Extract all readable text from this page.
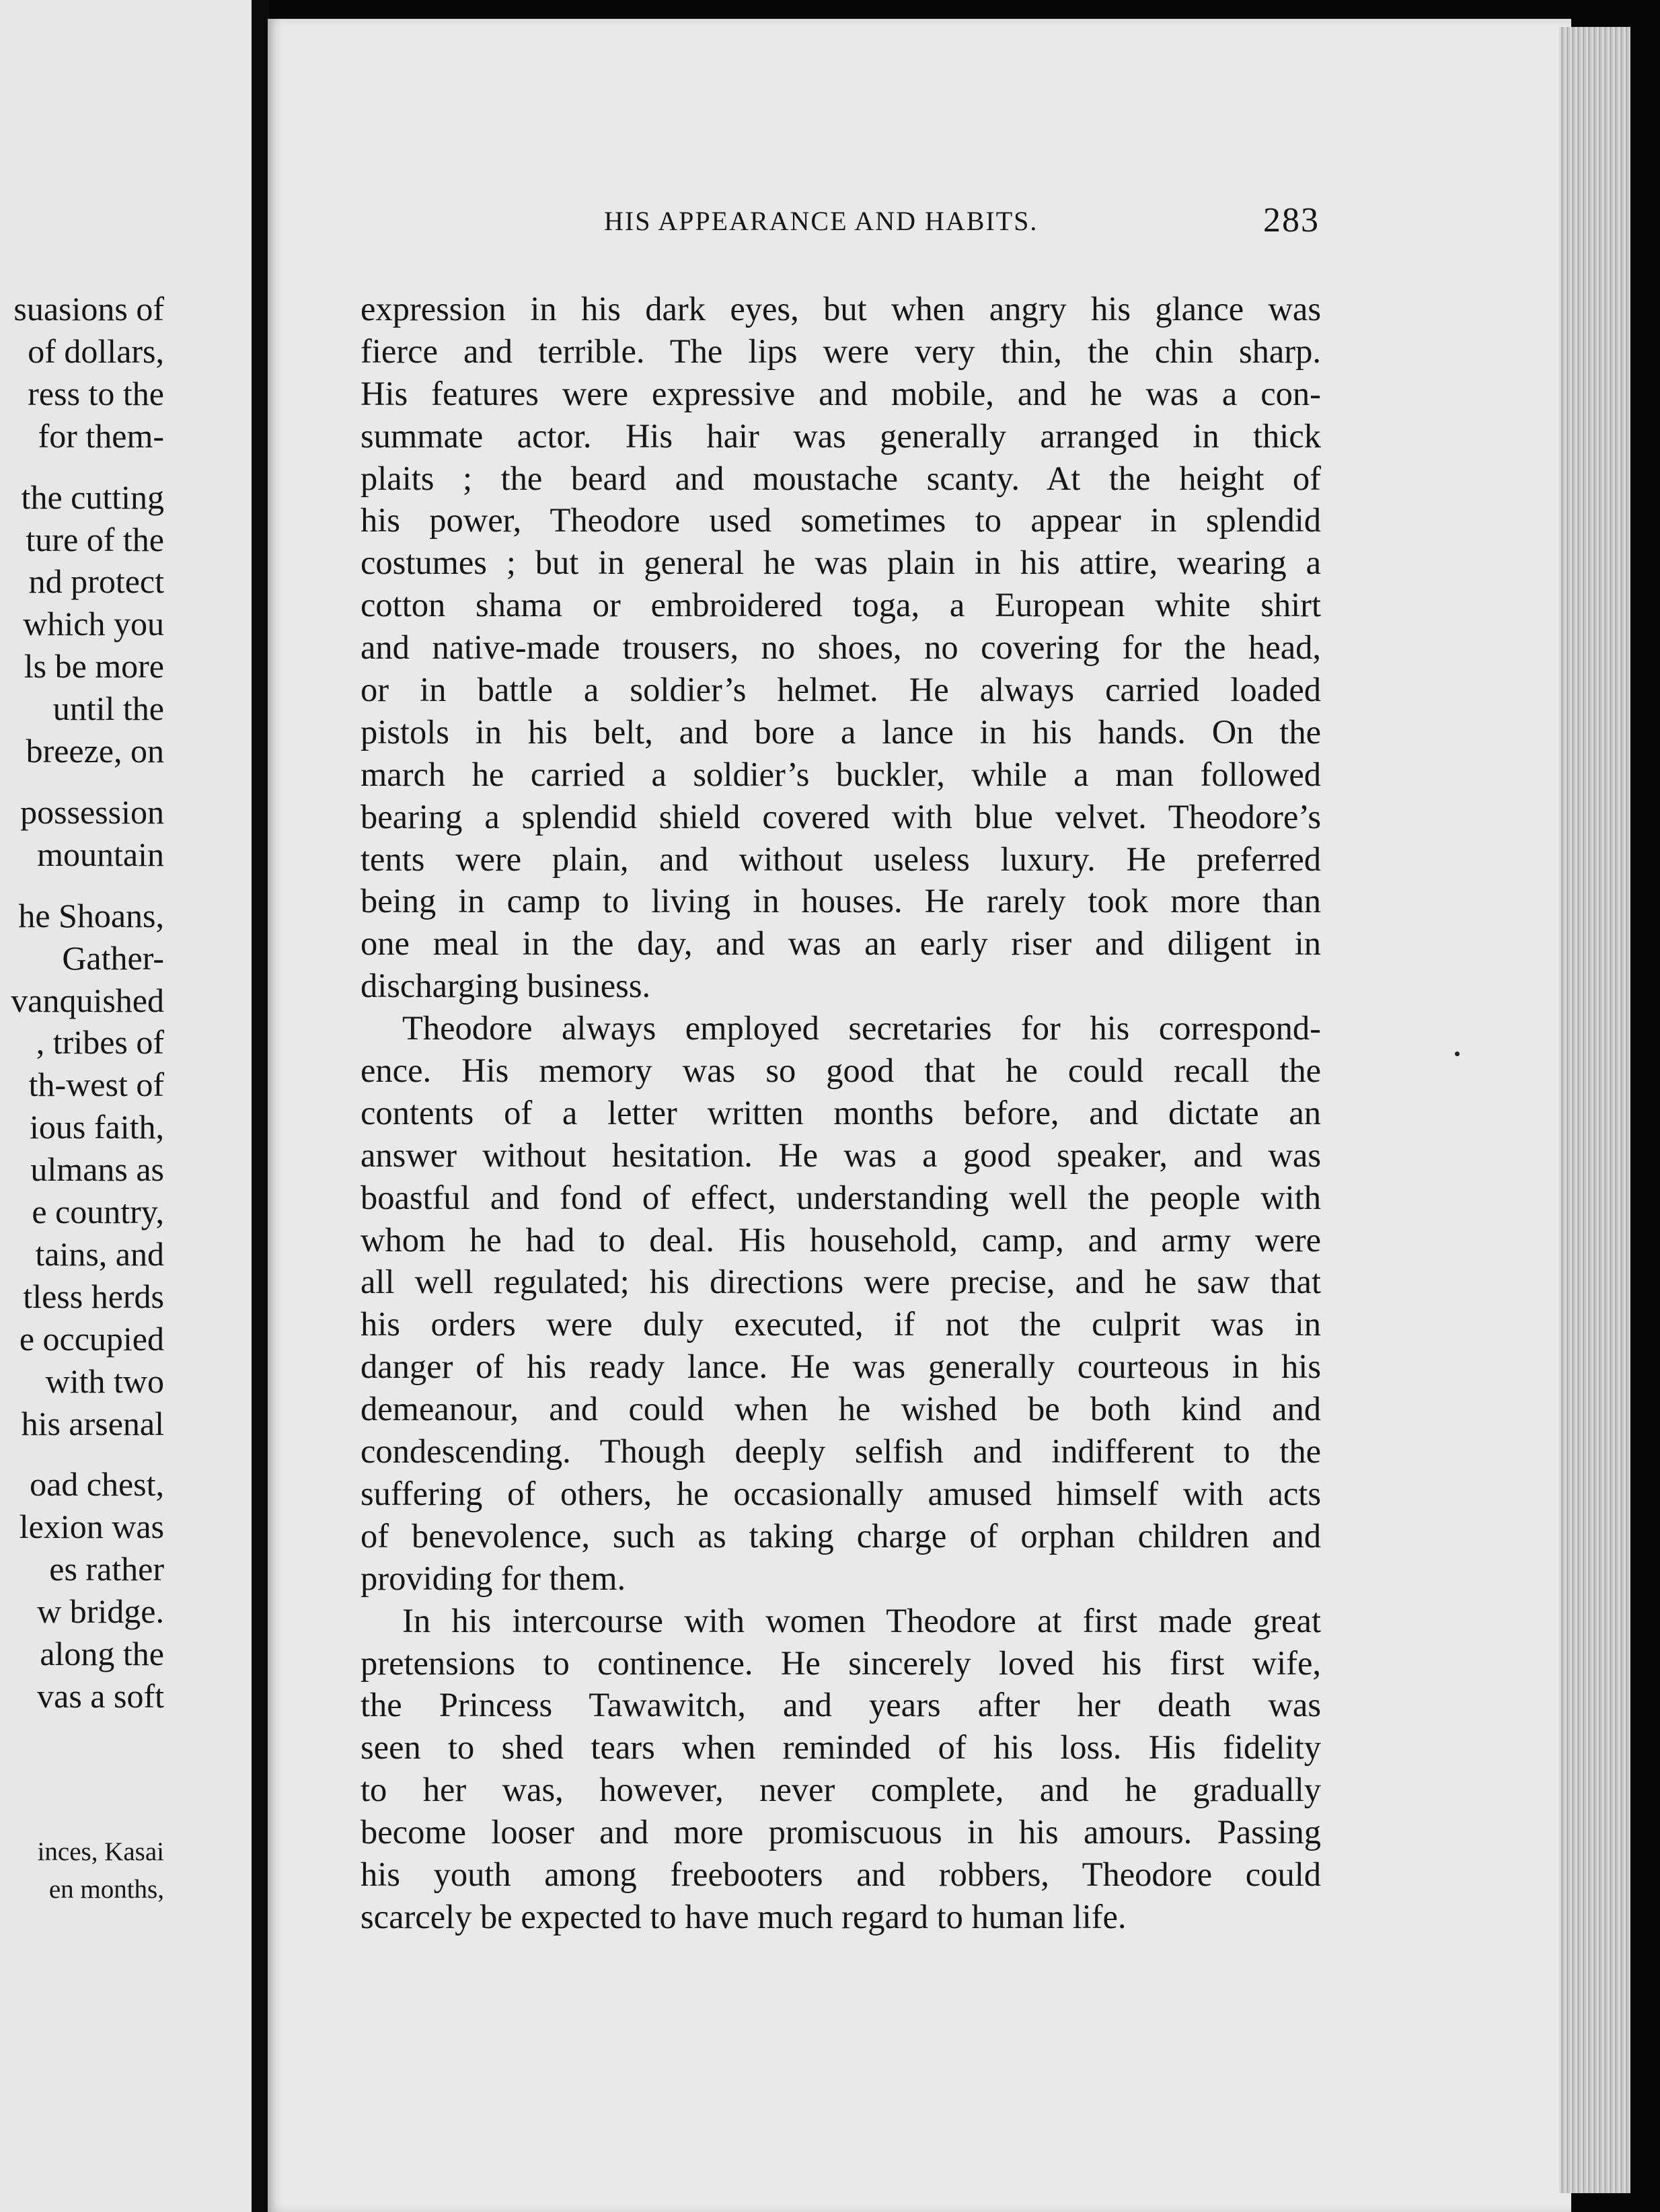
suasions of
of dollars,
ress to the
for them-
the cutting
ture of the
nd protect
which you
ls be more
until the
breeze, on
possession
mountain
he Shoans,
Gather-
vanquished
, tribes of
th-west of
ious faith,
ulmans as
e country,
tains, and
tless herds
e occupied
with two
his arsenal
oad chest,
lexion was
es rather
w bridge.
along the
vas a soft
inces, Kasai
en months,
HIS APPEARANCE AND HABITS.	283
expression in his dark eyes, but when angry his glance was
fierce and terrible. The lips were very thin, the chin sharp.
His features were expressive and mobile, and he was a con-
summate actor. His hair was generally arranged in thick
plaits ; the beard and moustache scanty. At the height of
his power, Theodore used sometimes to appear in splendid
costumes ; but in general he was plain in his attire, wearing a
cotton shama or embroidered toga, a European white shirt
and native-made trousers, no shoes, no covering for the head,
or in battle a soldier’s helmet. He always carried loaded
pistols in his belt, and bore a lance in his hands. On the
march he carried a soldier’s buckler, while a man followed
bearing a splendid shield covered with blue velvet. Theodore’s
tents were plain, and without useless luxury. He preferred
being in camp to living in houses. He rarely took more than
one meal in the day, and was an early riser and diligent in
discharging business.
Theodore always employed secretaries for his correspond-
ence. His memory was so good that he could recall the
contents of a letter written months before, and dictate an
answer without hesitation. He was a good speaker, and was
boastful and fond of effect, understanding well the people with
whom he had to deal. His household, camp, and army were
all well regulated; his directions were precise, and he saw that
his orders were duly executed, if not the culprit was in
danger of his ready lance. He was generally courteous in his
demeanour, and could when he wished be both kind and
condescending. Though deeply selfish and indifferent to the
suffering of others, he occasionally amused himself with acts
of benevolence, such as taking charge of orphan children and
providing for them.
In his intercourse with women Theodore at first made great
pretensions to continence. He sincerely loved his first wife,
the Princess Tawawitch, and years after her death was
seen to shed tears when reminded of his loss. His fidelity
to her was, however, never complete, and he gradually
become looser and more promiscuous in his amours. Passing
his youth among freebooters and robbers, Theodore could
scarcely be expected to have much regard to human life.
